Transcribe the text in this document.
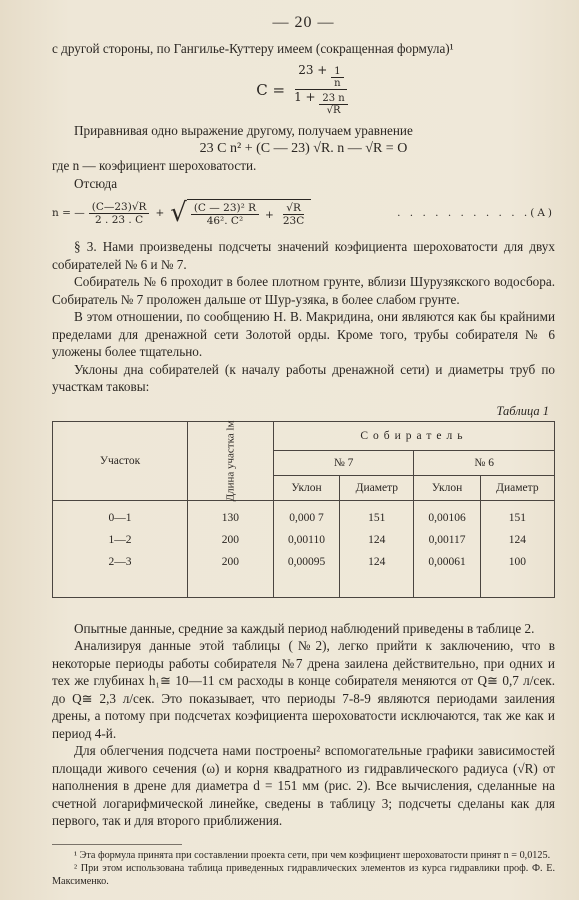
— 20 —

с другой стороны, по Гангилье-Куттеру имеем (сокращенная формула)¹

$C = \frac{23 + \frac{1}{n}}{1 + \frac{23 n}{√R}}$

Приравнивая одно выражение другому, получаем уравнение

23 C n² + (C — 23) √R. n — √R = O

где n — коэфициент шероховатости.

Отсюда

n = — $\frac{(C—23)√R}{2 . 23 . C}$ + √ $\frac{\text{(C — 23)² R}}{\text{46². C²}} + \frac{√R}{23C}$	. . . . . . . . . . .(A)

§ 3. Нами произведены подсчеты значений коэфициента шероховатости для двух собирателей № 6 и № 7.

Собиратель № 6 проходит в более плотном грунте, вблизи Шурузякского водосбора. Собиратель № 7 проложен дальше от Шур-узяка, в более слабом грунте.

В этом отношении, по сообщению Н. В. Макридина, они являются как бы крайними пределами для дренажной сети Золотой орды. Кроме того, трубы собирателя № 6 уложены более тщательно.

Уклоны дна собирателей (к началу работы дренажной сети) и диаметры труб по участкам таковы:

Таблица 1
Участок	Длина участка lм	Собиратель			
		№ 7		№ 6	
		Уклон	Диаметр	Уклон	Диаметр
0—1	130	0,000 7	151	0,00106	151
1—2	200	0,00110	124	0,00117	124
2—3	200	0,00095	124	0,00061	100

Опытные данные, средние за каждый период наблюдений приведены в таблице 2.

Анализируя данные этой таблицы (№2), легко прийти к заключению, что в некоторые периоды работы собирателя №7 дрена заилена действительно, при одних и тех же глубинах h₁≅ 10—11 см расходы в конце собирателя меняются от Q≅ 0,7 л/сек. до Q≅ 2,3 л/сек. Это показывает, что периоды 7-8-9 являются периодами заиления дрены, а потому при подсчетах коэфициента шероховатости исключаются, так же как и период 4-й.

Для облегчения подсчета нами построены² вспомогательные графики зависимостей площади живого сечения (ω) и корня квадратного из гидравлического радиуса (√R) от наполнения в дрене для диаметра d = 151 мм (рис. 2). Все вычисления, сделанные на счетной логарифмической линейке, сведены в таблицу 3; подсчеты сделаны как для первого, так и для второго приближения.

¹ Эта формула принята при составлении проекта сети, при чем коэфициент шероховатости принят n = 0,0125.

² При этом использована таблица приведенных гидравлических элементов из курса гидравлики проф. Ф. Е. Максименко.
